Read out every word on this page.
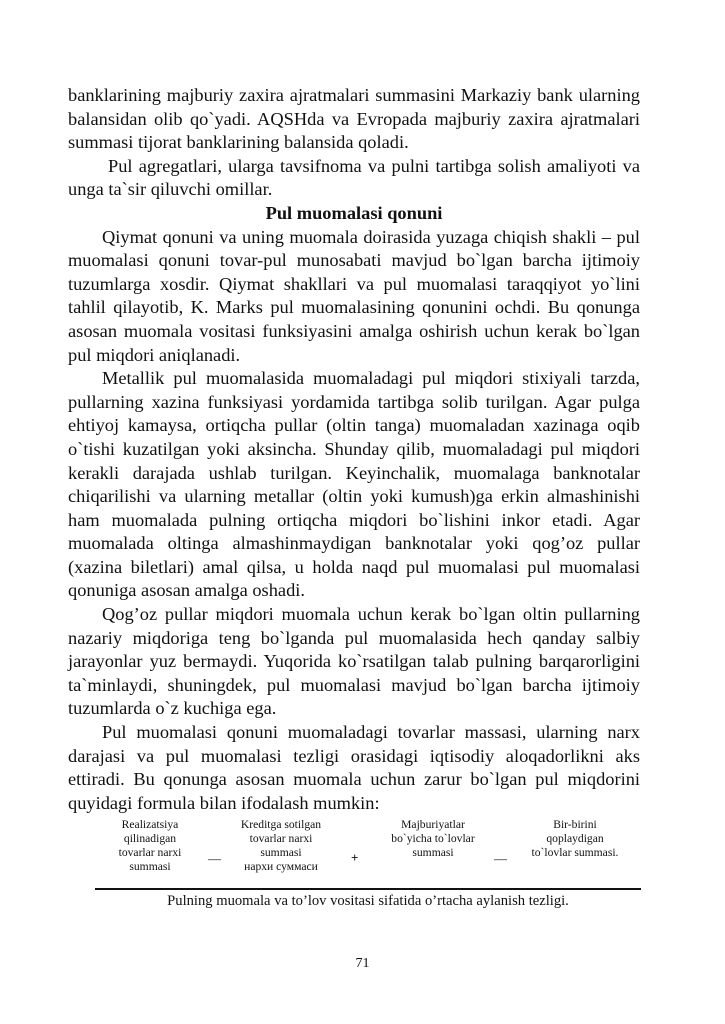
banklarining majburiy zaxira ajratmalari summasini Markaziy bank ularning balansidan olib qo`yadi. AQSHda va Evropada majburiy zaxira ajratmalari summasi tijorat banklarining balansida qoladi.

Pul agregatlari, ularga tavsifnoma va pulni tartibga solish amaliyoti va unga ta`sir qiluvchi omillar.

Pul muomalasi qonuni

Qiymat qonuni va uning muomala doirasida yuzaga chiqish shakli – pul muomalasi qonuni tovar-pul munosabati mavjud bo`lgan barcha ijtimoiy tuzumlarga xosdir. Qiymat shakllari va pul muomalasi taraqqiyot yo`lini tahlil qilayotib, K. Marks pul muomalasining qonunini ochdi. Bu qonunga asosan muomala vositasi funksiyasini amalga oshirish uchun kerak bo`lgan pul miqdori aniqlanadi.

Metallik pul muomalasida muomaladagi pul miqdori stixiyali tarzda, pullarning xazina funksiyasi yordamida tartibga solib turilgan. Agar pulga ehtiyoj kamaysa, ortiqcha pullar (oltin tanga) muomaladan xazinaga oqib o`tishi kuzatilgan yoki aksincha. Shunday qilib, muomaladagi pul miqdori kerakli darajada ushlab turilgan. Keyinchalik, muomalaga banknotalar chiqarilishi va ularning metallar (oltin yoki kumush)ga erkin almashinishi ham muomalada pulning ortiqcha miqdori bo`lishini inkor etadi. Agar muomalada oltinga almashinmaydigan banknotalar yoki qog’oz pullar (xazina biletlari) amal qilsa, u holda naqd pul muomalasi pul muomalasi qonuniga asosan amalga oshadi.

Qog’oz pullar miqdori muomala uchun kerak bo`lgan oltin pullarning nazariy miqdoriga teng bo`lganda pul muomalasida hech qanday salbiy jarayonlar yuz bermaydi. Yuqorida ko`rsatilgan talab pulning barqarorligini ta`minlaydi, shuningdek, pul muomalasi mavjud bo`lgan barcha ijtimoiy tuzumlarda o`z kuchiga ega.

Pul muomalasi qonuni muomaladagi tovarlar massasi, ularning narx darajasi va pul muomalasi tezligi orasidagi iqtisodiy aloqadorlikni aks ettiradi. Bu qonunga asosan muomala uchun zarur bo`lgan pul miqdorini quyidagi formula bilan ifodalash mumkin:

Realizatsiya
qilinadigan
tovarlar narxi
summasi
—
Kreditga sotilgan
tovarlar narxi
summasi
нархи суммаси
+
Majburiyatlar
bo`yicha to`lovlar
summasi	—
Bir-birini
qoplaydigan
to`lovlar summasi.
Pulning muomala va to’lov vositasi sifatida o’rtacha aylanish tezligi.
71
